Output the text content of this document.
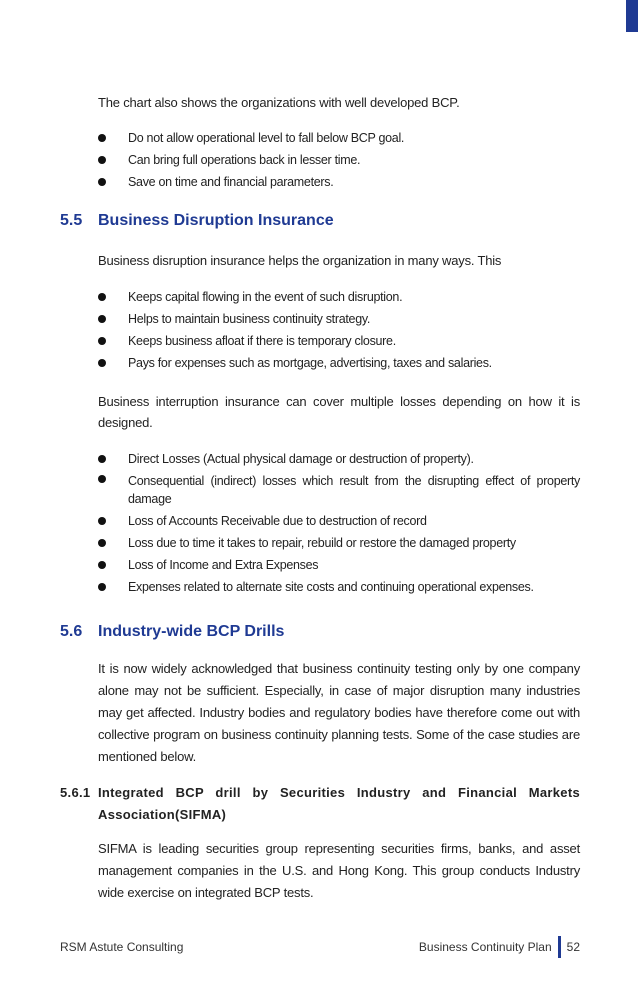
The chart also shows the organizations with well developed BCP.
Do not allow operational level to fall below BCP goal.
Can bring full operations back in lesser time.
Save on time and financial parameters.
5.5 Business Disruption Insurance
Business disruption insurance helps the organization in many ways. This
Keeps capital flowing in the event of such disruption.
Helps to maintain business continuity strategy.
Keeps business afloat if there is temporary closure.
Pays for expenses such as mortgage, advertising, taxes and salaries.
Business interruption insurance can cover multiple losses depending on how it is designed.
Direct Losses (Actual physical damage or destruction of property).
Consequential (indirect) losses which result from the disrupting effect of property damage
Loss of Accounts Receivable due to destruction of record
Loss due to time it takes to repair, rebuild or restore the damaged property
Loss of Income and Extra Expenses
Expenses related to alternate site costs and continuing operational expenses.
5.6 Industry-wide BCP Drills
It is now widely acknowledged that business continuity testing only by one company alone may not be sufficient. Especially, in case of major disruption many industries may get affected. Industry bodies and regulatory bodies have therefore come out with collective program on business continuity planning tests. Some of the case studies are mentioned below.
5.6.1 Integrated BCP drill by Securities Industry and Financial Markets Association(SIFMA)
SIFMA is leading securities group representing securities firms, banks, and asset management companies in the U.S. and Hong Kong. This group conducts Industry wide exercise on integrated BCP tests.
RSM Astute Consulting	Business Continuity Plan 52
